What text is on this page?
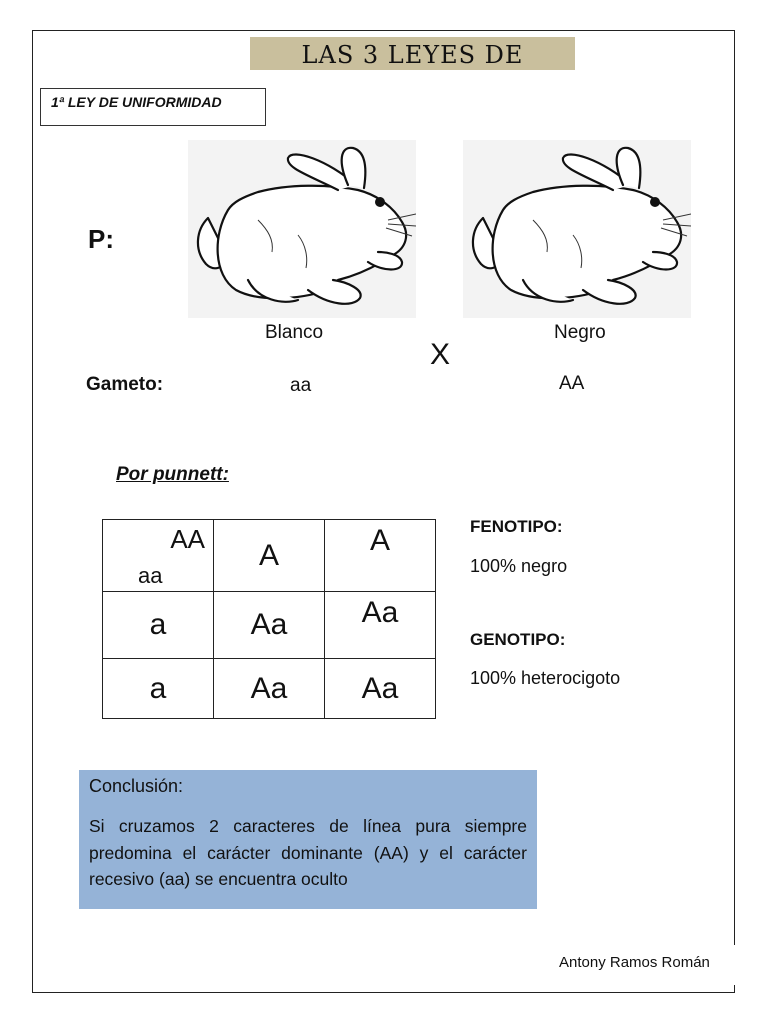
LAS 3 LEYES DE
1ª LEY DE UNIFORMIDAD
P:
Blanco	Negro
X
Gameto:	aa	AA
Por punnett:
AA
aa	A	A

a	Aa	Aa

a	Aa	Aa
FENOTIPO:
100% negro
GENOTIPO:
100% heterocigoto

Conclusión:

Si cruzamos 2 caracteres de línea pura siempre predomina el carácter dominante (AA) y el carácter recesivo (aa) se encuentra oculto

Antony Ramos Román
